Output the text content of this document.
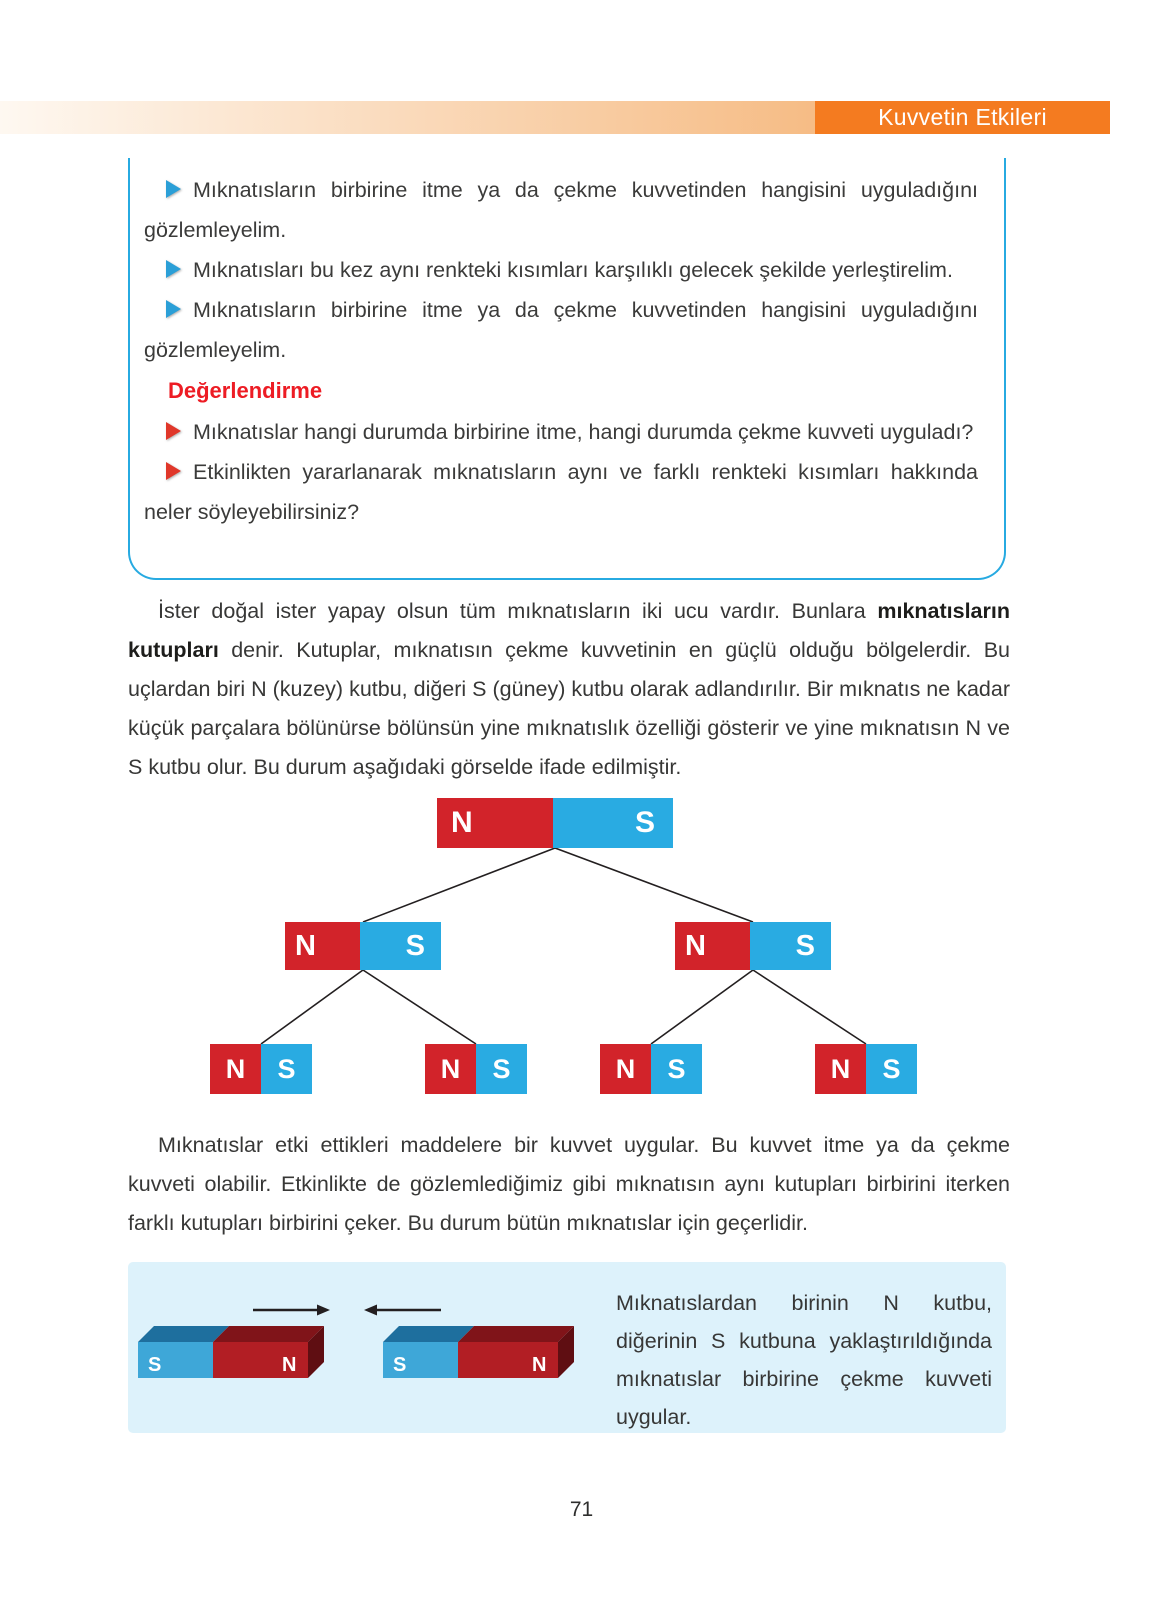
Kuvvetin Etkileri
Mıknatısların birbirine itme ya da çekme kuvvetinden hangisini uyguladığını gözlemleyelim.
Mıknatısları bu kez aynı renkteki kısımları karşılıklı gelecek şekilde yerleştirelim.
Mıknatısların birbirine itme ya da çekme kuvvetinden hangisini uyguladığını gözlemleyelim.
Değerlendirme
Mıknatıslar hangi durumda birbirine itme, hangi durumda çekme kuvveti uyguladı?
Etkinlikten yararlanarak mıknatısların aynı ve farklı renkteki kısımları hakkında neler söyleyebilirsiniz?
İster doğal ister yapay olsun tüm mıknatısların iki ucu vardır. Bunlara mıknatısların kutupları denir. Kutuplar, mıknatısın çekme kuvvetinin en güçlü olduğu bölgelerdir. Bu uçlardan biri N (kuzey) kutbu, diğeri S (güney) kutbu olarak adlandırılır. Bir mıknatıs ne kadar küçük parçalara bölünürse bölünsün yine mıknatıslık özelliği gösterir ve yine mıknatısın N ve S kutbu olur. Bu durum aşağıdaki görselde ifade edilmiştir.
N	S
N	S	N	S
N	S	N	S	N	S	N	S
Mıknatıslar etki ettikleri maddelere bir kuvvet uygular. Bu kuvvet itme ya da çekme kuvveti olabilir. Etkinlikte de gözlemlediğimiz gibi mıknatısın aynı kutupları birbirini iterken farklı kutupları birbirini çeker. Bu durum bütün mıknatıslar için geçerlidir.
S	N	S	N
Mıknatıslardan birinin N kutbu, diğerinin S kutbuna yaklaştırıldığında mıknatıslar birbirine çekme kuvveti uygular.
71
